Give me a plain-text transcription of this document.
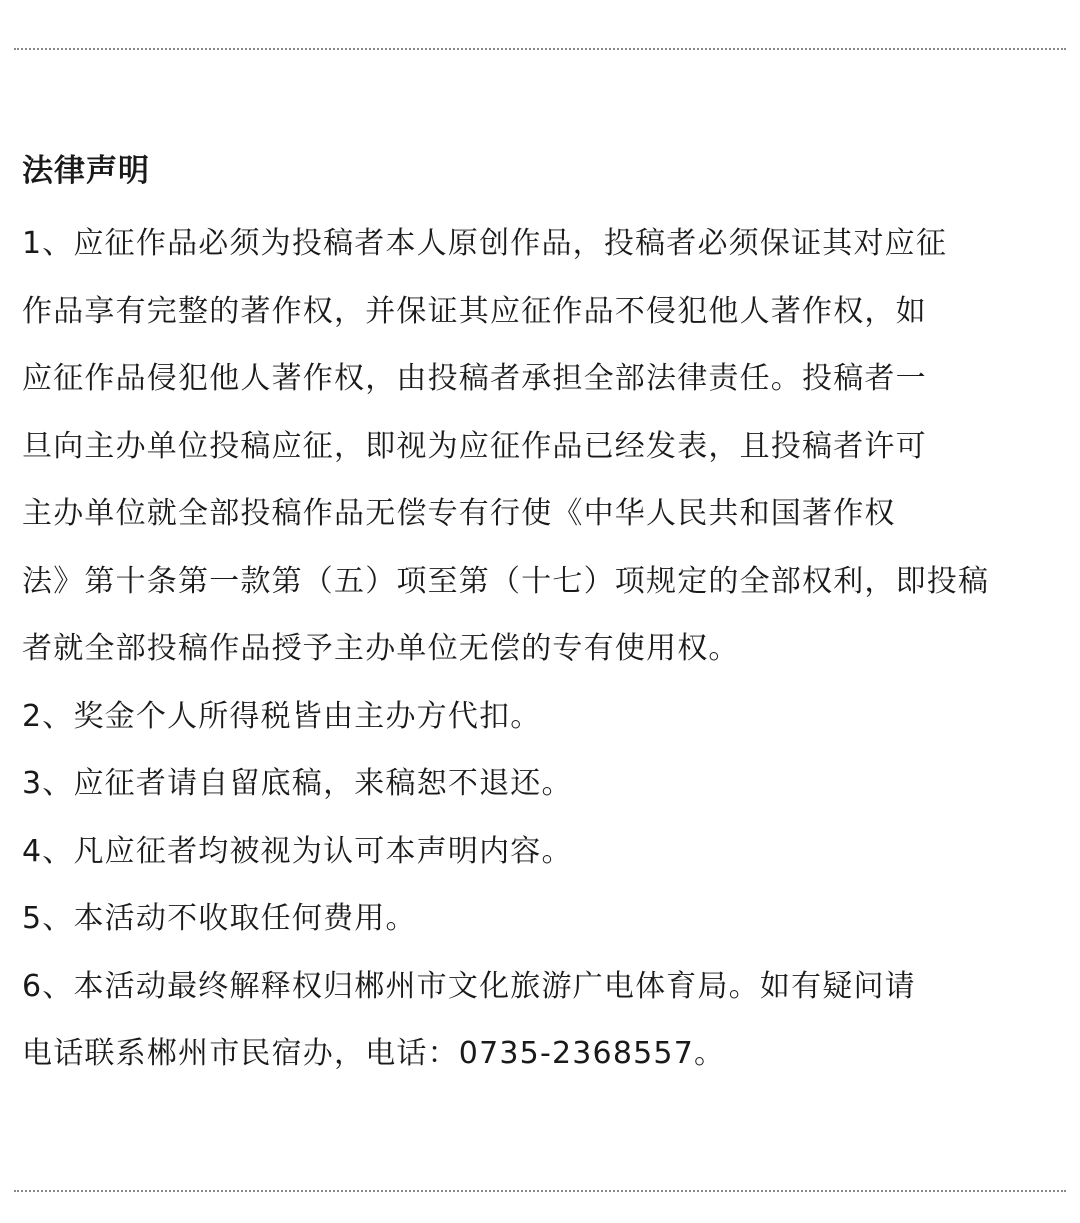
法律声明
1、应征作品必须为投稿者本人原创作品，投稿者必须保证其对应征
作品享有完整的著作权，并保证其应征作品不侵犯他人著作权，如
应征作品侵犯他人著作权，由投稿者承担全部法律责任。投稿者一
旦向主办单位投稿应征，即视为应征作品已经发表，且投稿者许可
主办单位就全部投稿作品无偿专有行使《中华人民共和国著作权
法》第十条第一款第（五）项至第（十七）项规定的全部权利，即投稿
者就全部投稿作品授予主办单位无偿的专有使用权。
2、奖金个人所得税皆由主办方代扣。
3、应征者请自留底稿，来稿恕不退还。
4、凡应征者均被视为认可本声明内容。
5、本活动不收取任何费用。
6、本活动最终解释权归郴州市文化旅游广电体育局。如有疑问请
电话联系郴州市民宿办，电话：0735-2368557。
